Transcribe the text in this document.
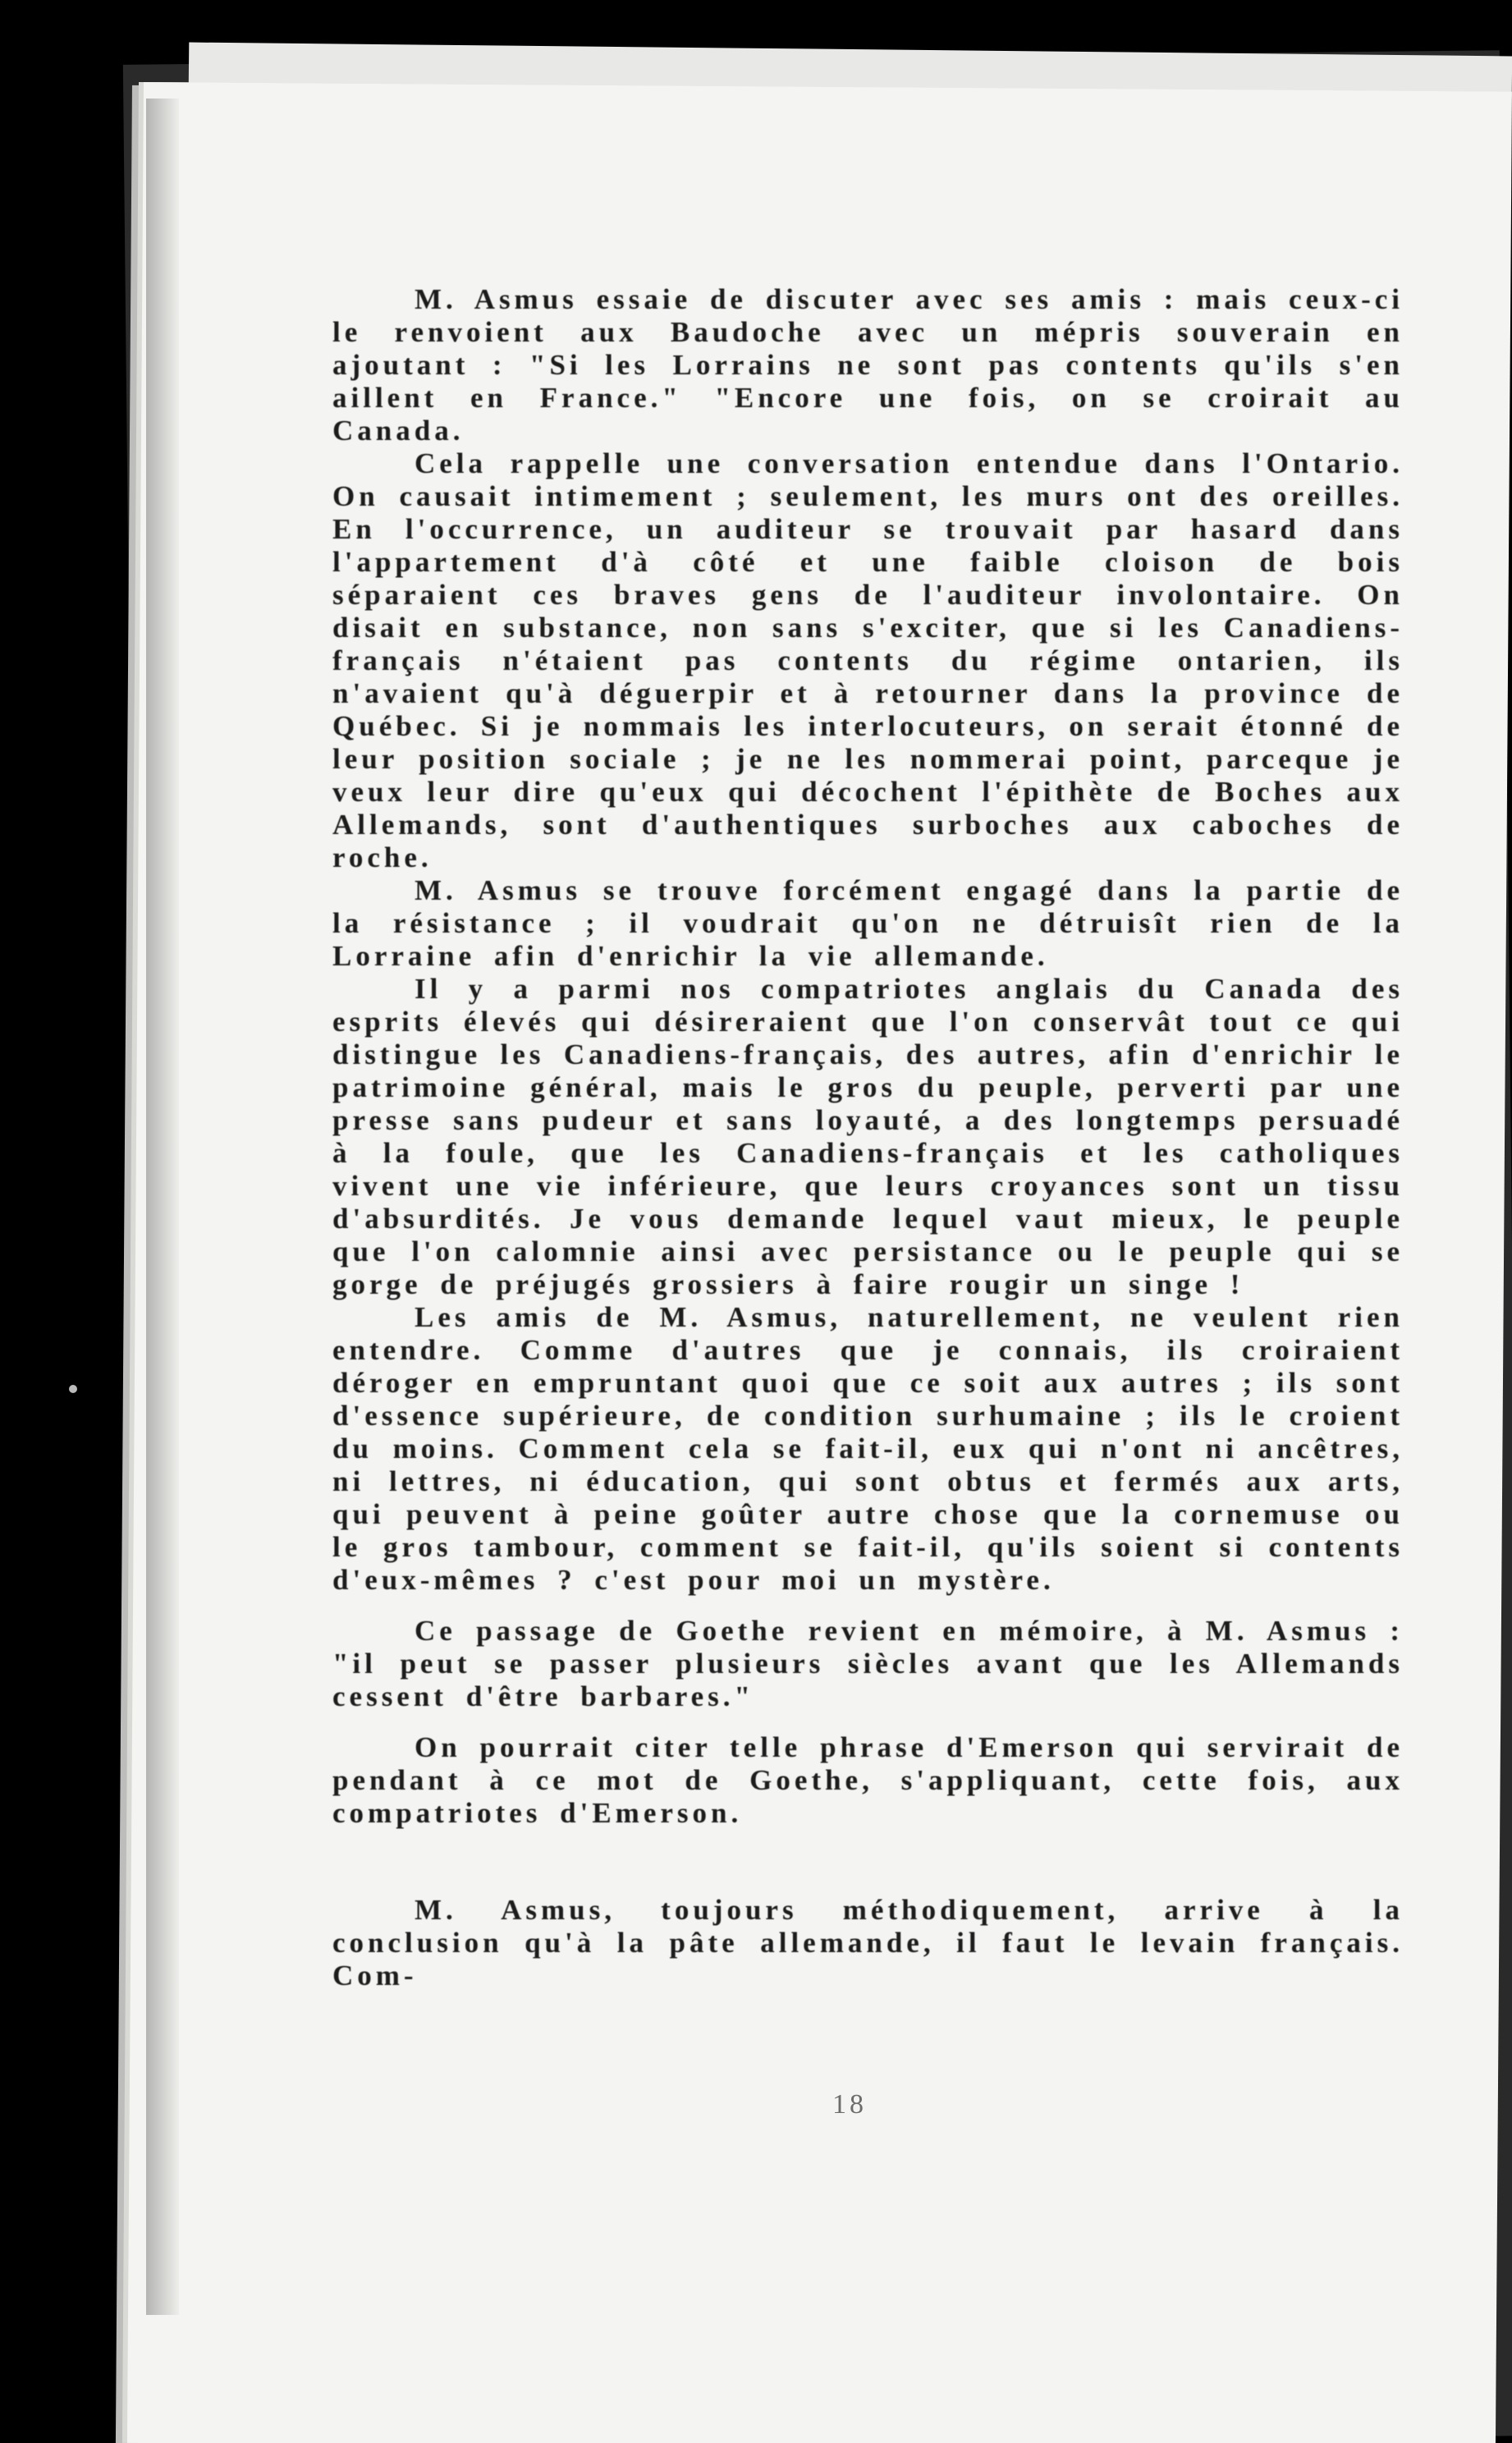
M. Asmus essaie de discuter avec ses amis : mais ceux-ci le renvoient aux Baudoche avec un mépris souverain en ajoutant : "Si les Lorrains ne sont pas contents qu'ils s'en aillent en France." "Encore une fois, on se croirait au Canada.

Cela rappelle une conversation entendue dans l'Ontario. On causait intimement ; seulement, les murs ont des oreilles. En l'occurrence, un auditeur se trouvait par hasard dans l'appartement d'à côté et une faible cloison de bois séparaient ces braves gens de l'auditeur involontaire. On disait en substance, non sans s'exciter, que si les Canadiens-français n'étaient pas contents du régime ontarien, ils n'avaient qu'à déguerpir et à retourner dans la province de Québec. Si je nommais les interlocuteurs, on serait étonné de leur position sociale ; je ne les nommerai point, parceque je veux leur dire qu'eux qui décochent l'épithète de Boches aux Allemands, sont d'authentiques surboches aux caboches de roche.

M. Asmus se trouve forcément engagé dans la partie de la résistance ; il voudrait qu'on ne détruisît rien de la Lorraine afin d'enrichir la vie allemande.

Il y a parmi nos compatriotes anglais du Canada des esprits élevés qui désireraient que l'on conservât tout ce qui distingue les Canadiens-français, des autres, afin d'enrichir le patrimoine général, mais le gros du peuple, perverti par une presse sans pudeur et sans loyauté, a des longtemps persuadé à la foule, que les Canadiens-français et les catholiques vivent une vie inférieure, que leurs croyances sont un tissu d'absurdités. Je vous demande lequel vaut mieux, le peuple que l'on calomnie ainsi avec persistance ou le peuple qui se gorge de préjugés grossiers à faire rougir un singe !

Les amis de M. Asmus, naturellement, ne veulent rien entendre. Comme d'autres que je connais, ils croiraient déroger en empruntant quoi que ce soit aux autres ; ils sont d'essence supérieure, de condition surhumaine ; ils le croient du moins. Comment cela se fait-il, eux qui n'ont ni ancêtres, ni lettres, ni éducation, qui sont obtus et fermés aux arts, qui peuvent à peine goûter autre chose que la cornemuse ou le gros tambour, comment se fait-il, qu'ils soient si contents d'eux-mêmes ? c'est pour moi un mystère.

Ce passage de Goethe revient en mémoire, à M. Asmus : "il peut se passer plusieurs siècles avant que les Allemands cessent d'être barbares."

On pourrait citer telle phrase d'Emerson qui servirait de pendant à ce mot de Goethe, s'appliquant, cette fois, aux compatriotes d'Emerson.

M. Asmus, toujours méthodiquement, arrive à la conclusion qu'à la pâte allemande, il faut le levain français. Com-

18
